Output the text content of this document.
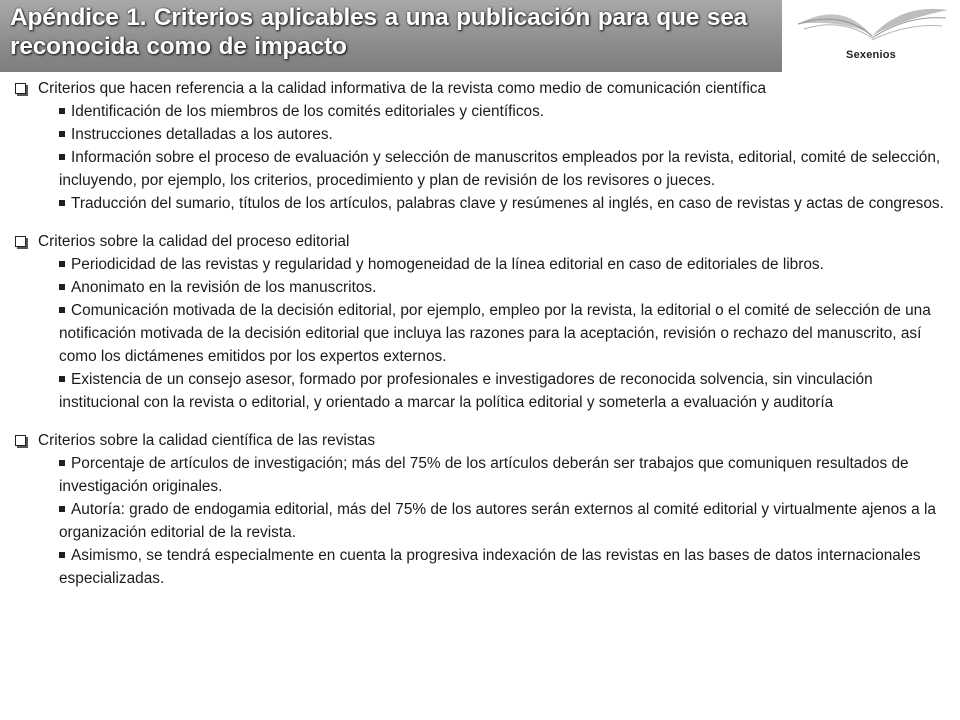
Apéndice 1. Criterios aplicables a una publicación para que sea reconocida como de impacto	Sexenios
Criterios que hacen referencia a la calidad informativa de la revista como medio de comunicación científica
Identificación de los miembros de los comités editoriales y científicos.
Instrucciones detalladas a los autores.
Información sobre el proceso de evaluación y selección de manuscritos empleados por la revista, editorial, comité de selección, incluyendo, por ejemplo, los criterios, procedimiento y plan de revisión de los revisores o jueces.
Traducción del sumario, títulos de los artículos, palabras clave y resúmenes al inglés, en caso de revistas y actas de congresos.
Criterios sobre la calidad del proceso editorial
Periodicidad de las revistas y regularidad y homogeneidad de la línea editorial en caso de editoriales de libros.
Anonimato en la revisión de los manuscritos.
Comunicación motivada de la decisión editorial, por ejemplo, empleo por la revista, la editorial o el comité de selección de una notificación motivada de la decisión editorial que incluya las razones para la aceptación, revisión o rechazo del manuscrito, así como los dictámenes emitidos por los expertos externos.
Existencia de un consejo asesor, formado por profesionales e investigadores de reconocida solvencia, sin vinculación institucional con la revista o editorial, y orientado a marcar la política editorial y someterla a evaluación y auditoría
Criterios sobre la calidad científica de las revistas
Porcentaje de artículos de investigación; más del 75% de los artículos deberán ser trabajos que comuniquen resultados de investigación originales.
Autoría: grado de endogamia editorial, más del 75% de los autores serán externos al comité editorial y virtualmente ajenos a la organización editorial de la revista.
Asimismo, se tendrá especialmente en cuenta la progresiva indexación de las revistas en las bases de datos internacionales especializadas.
